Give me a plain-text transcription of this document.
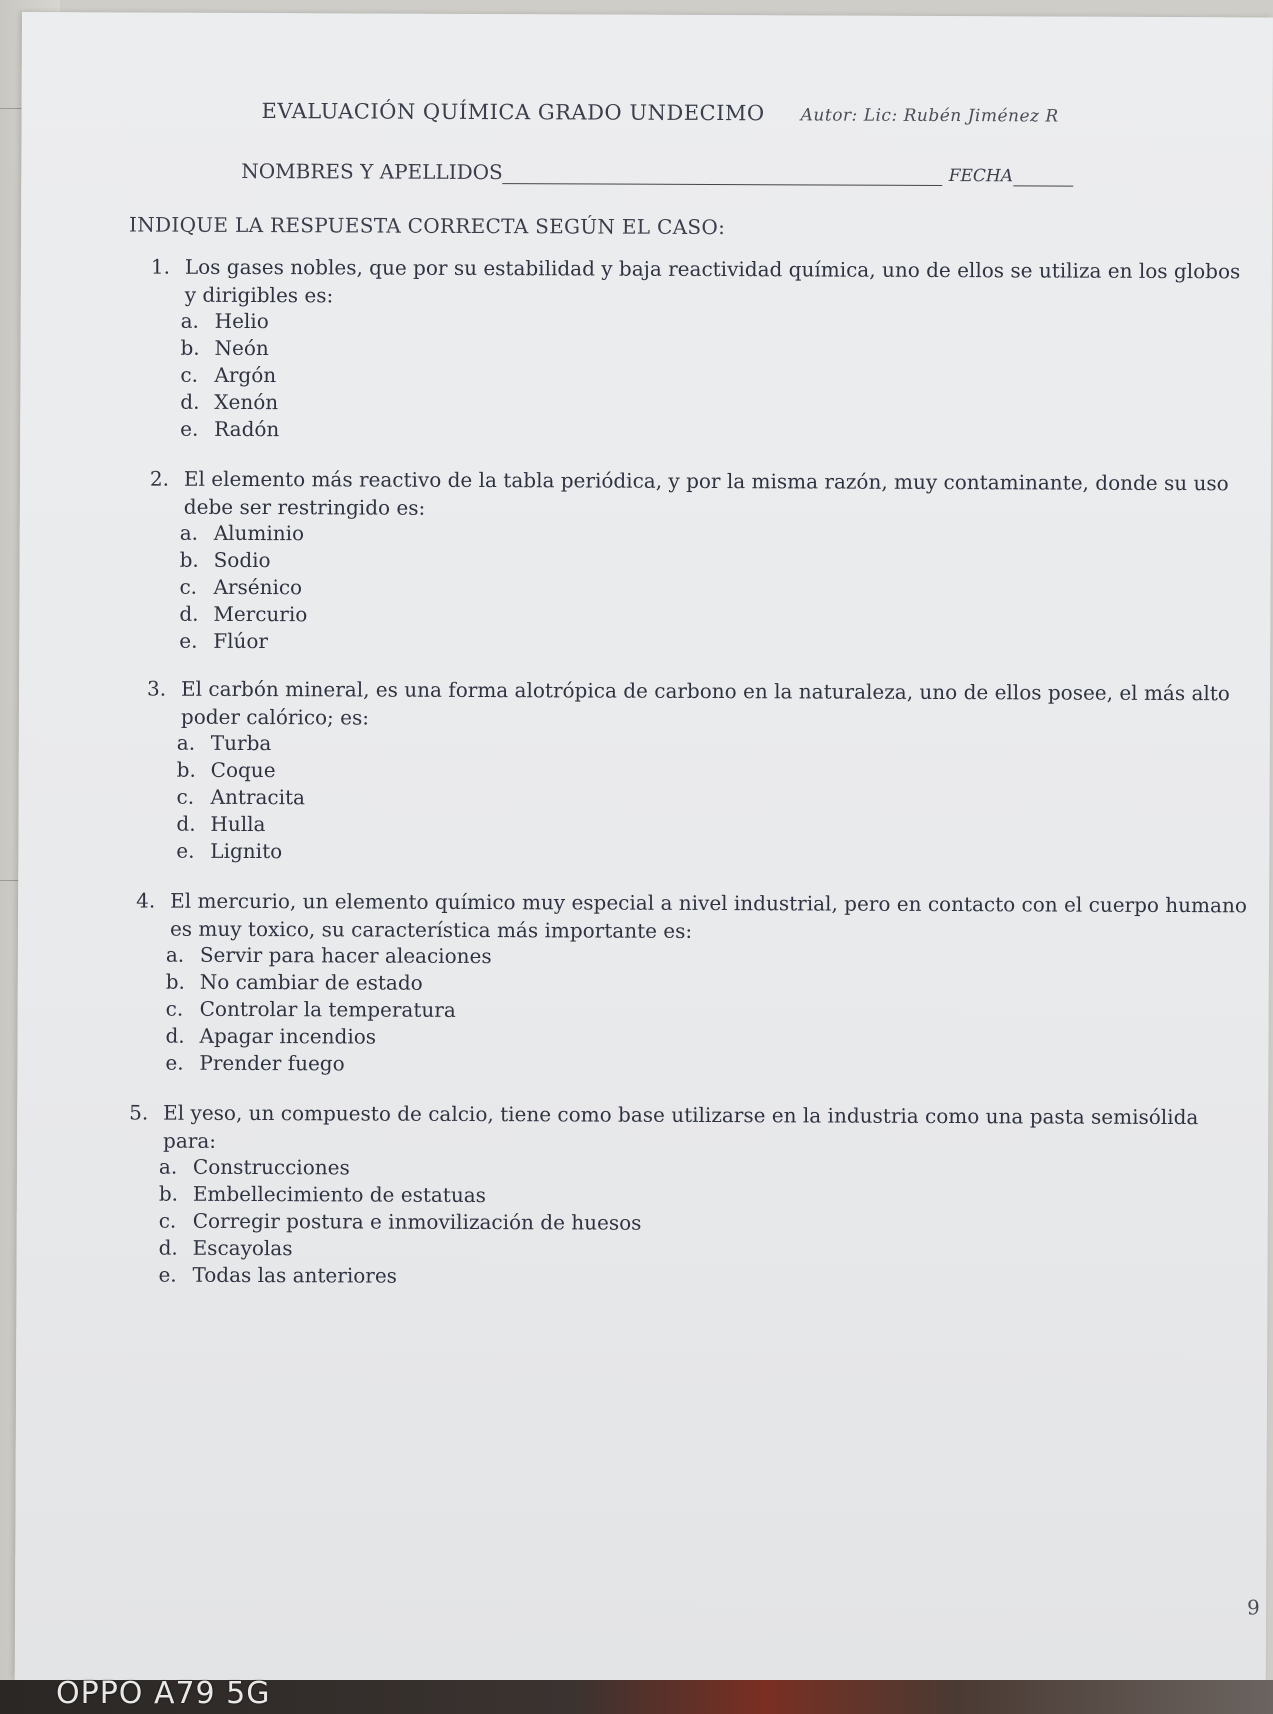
EVALUACIÓN QUÍMICA GRADO UNDECIMO Autor: Lic: Rubén Jiménez R
NOMBRES Y APELLIDOS	FECHA
INDIQUE LA RESPUESTA CORRECTA SEGÚN EL CASO:
1. Los gases nobles, que por su estabilidad y baja reactividad química, uno de ellos se utiliza en los globos
y dirigibles es:
a. Helio
b. Neón
c. Argón
d. Xenón
e. Radón
2. El elemento más reactivo de la tabla periódica, y por la misma razón, muy contaminante, donde su uso
debe ser restringido es:
a. Aluminio
b. Sodio
c. Arsénico
d. Mercurio
e. Flúor
3. El carbón mineral, es una forma alotrópica de carbono en la naturaleza, uno de ellos posee, el más alto
poder calórico; es:
a. Turba
b. Coque
c. Antracita
d. Hulla
e. Lignito
4. El mercurio, un elemento químico muy especial a nivel industrial, pero en contacto con el cuerpo humano
es muy toxico, su característica más importante es:
a. Servir para hacer aleaciones
b. No cambiar de estado
c. Controlar la temperatura
d. Apagar incendios
e. Prender fuego
5. El yeso, un compuesto de calcio, tiene como base utilizarse en la industria como una pasta semisólida
para:
a. Construcciones
b. Embellecimiento de estatuas
c. Corregir postura e inmovilización de huesos
d. Escayolas
e. Todas las anteriores
9
OPPO A79 5G
